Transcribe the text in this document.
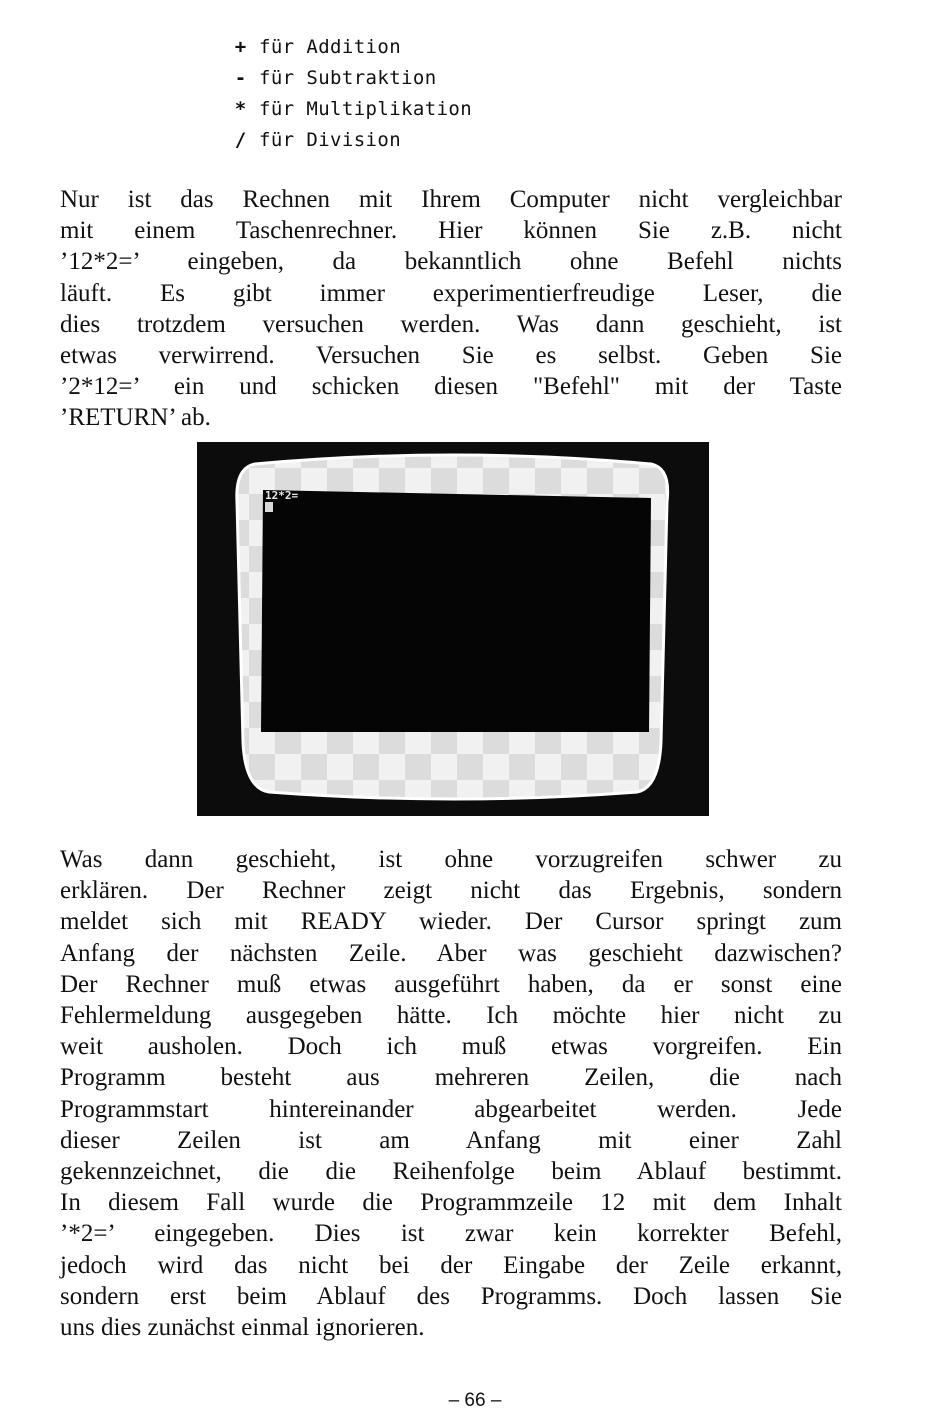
+ für Addition
- für Subtraktion
* für Multiplikation
/ für Division
Nur ist das Rechnen mit Ihrem Computer nicht vergleichbar
mit einem Taschenrechner. Hier können Sie z.B. nicht
’12*2=’ eingeben, da bekanntlich ohne Befehl nichts
läuft. Es gibt immer experimentierfreudige Leser, die
dies trotzdem versuchen werden. Was dann geschieht, ist
etwas verwirrend. Versuchen Sie es selbst. Geben Sie
’2*12=’ ein und schicken diesen "Befehl" mit der Taste
’RETURN’ ab.
12*2=
Was dann geschieht, ist ohne vorzugreifen schwer zu
erklären. Der Rechner zeigt nicht das Ergebnis, sondern
meldet sich mit READY wieder. Der Cursor springt zum
Anfang der nächsten Zeile. Aber was geschieht dazwischen?
Der Rechner muß etwas ausgeführt haben, da er sonst eine
Fehlermeldung ausgegeben hätte. Ich möchte hier nicht zu
weit ausholen. Doch ich muß etwas vorgreifen. Ein
Programm besteht aus mehreren Zeilen, die nach
Programmstart hintereinander abgearbeitet werden. Jede
dieser Zeilen ist am Anfang mit einer Zahl
gekennzeichnet, die die Reihenfolge beim Ablauf bestimmt.
In diesem Fall wurde die Programmzeile 12 mit dem Inhalt
’*2=’ eingegeben. Dies ist zwar kein korrekter Befehl,
jedoch wird das nicht bei der Eingabe der Zeile erkannt,
sondern erst beim Ablauf des Programms. Doch lassen Sie
uns dies zunächst einmal ignorieren.
– 66 –
